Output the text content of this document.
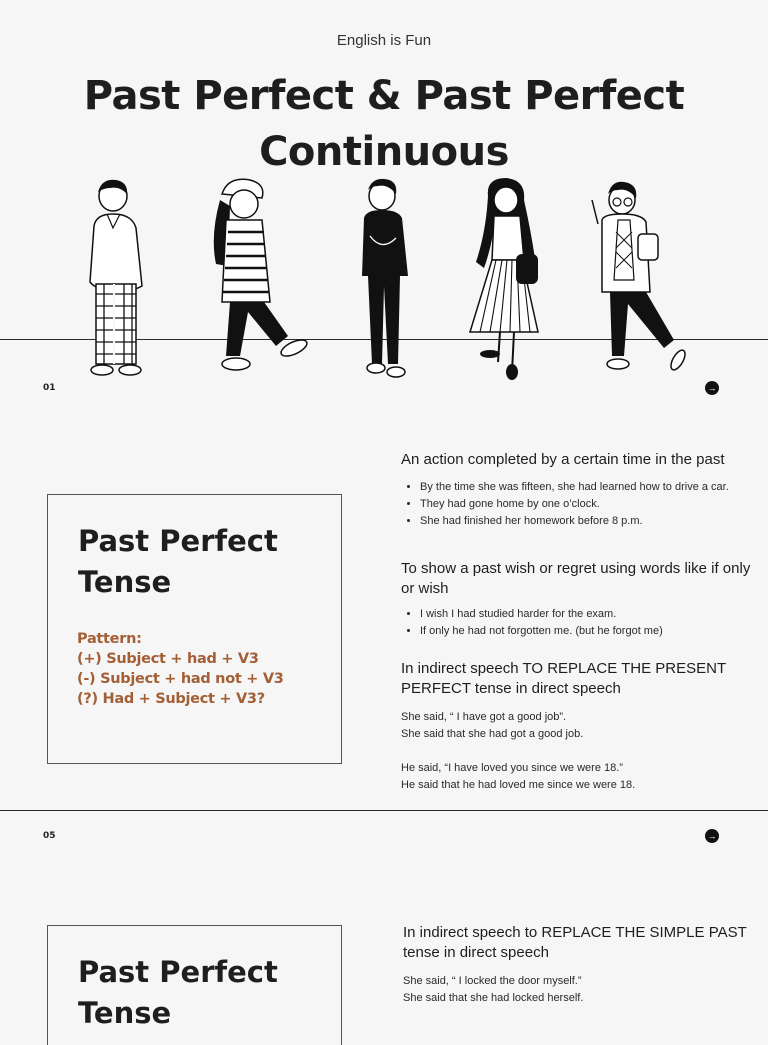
English is Fun
Past Perfect & Past Perfect
Continuous
01	→
Past Perfect Tense
Pattern:
(+) Subject + had + V3
(-) Subject + had not + V3
(?) Had + Subject + V3?
An action completed by a certain time in the past
• By the time she was fifteen, she had learned how to drive a car.
• They had gone home by one o’clock.
• She had finished her homework before 8 p.m.
To show a past wish or regret using words like if only or wish
• I wish I had studied harder for the exam.
• If only he had not forgotten me. (but he forgot me)
In indirect speech TO REPLACE THE PRESENT PERFECT tense in direct speech
She said, “ I have got a good job”.
She said that she had got a good job.
He said, “I have loved you since we were 18.”
He said that he had loved me since we were 18.
05	→
Past Perfect Tense
In indirect speech to REPLACE THE SIMPLE PAST tense in direct speech
She said, “ I locked the door myself.”
She said that she had locked herself.
